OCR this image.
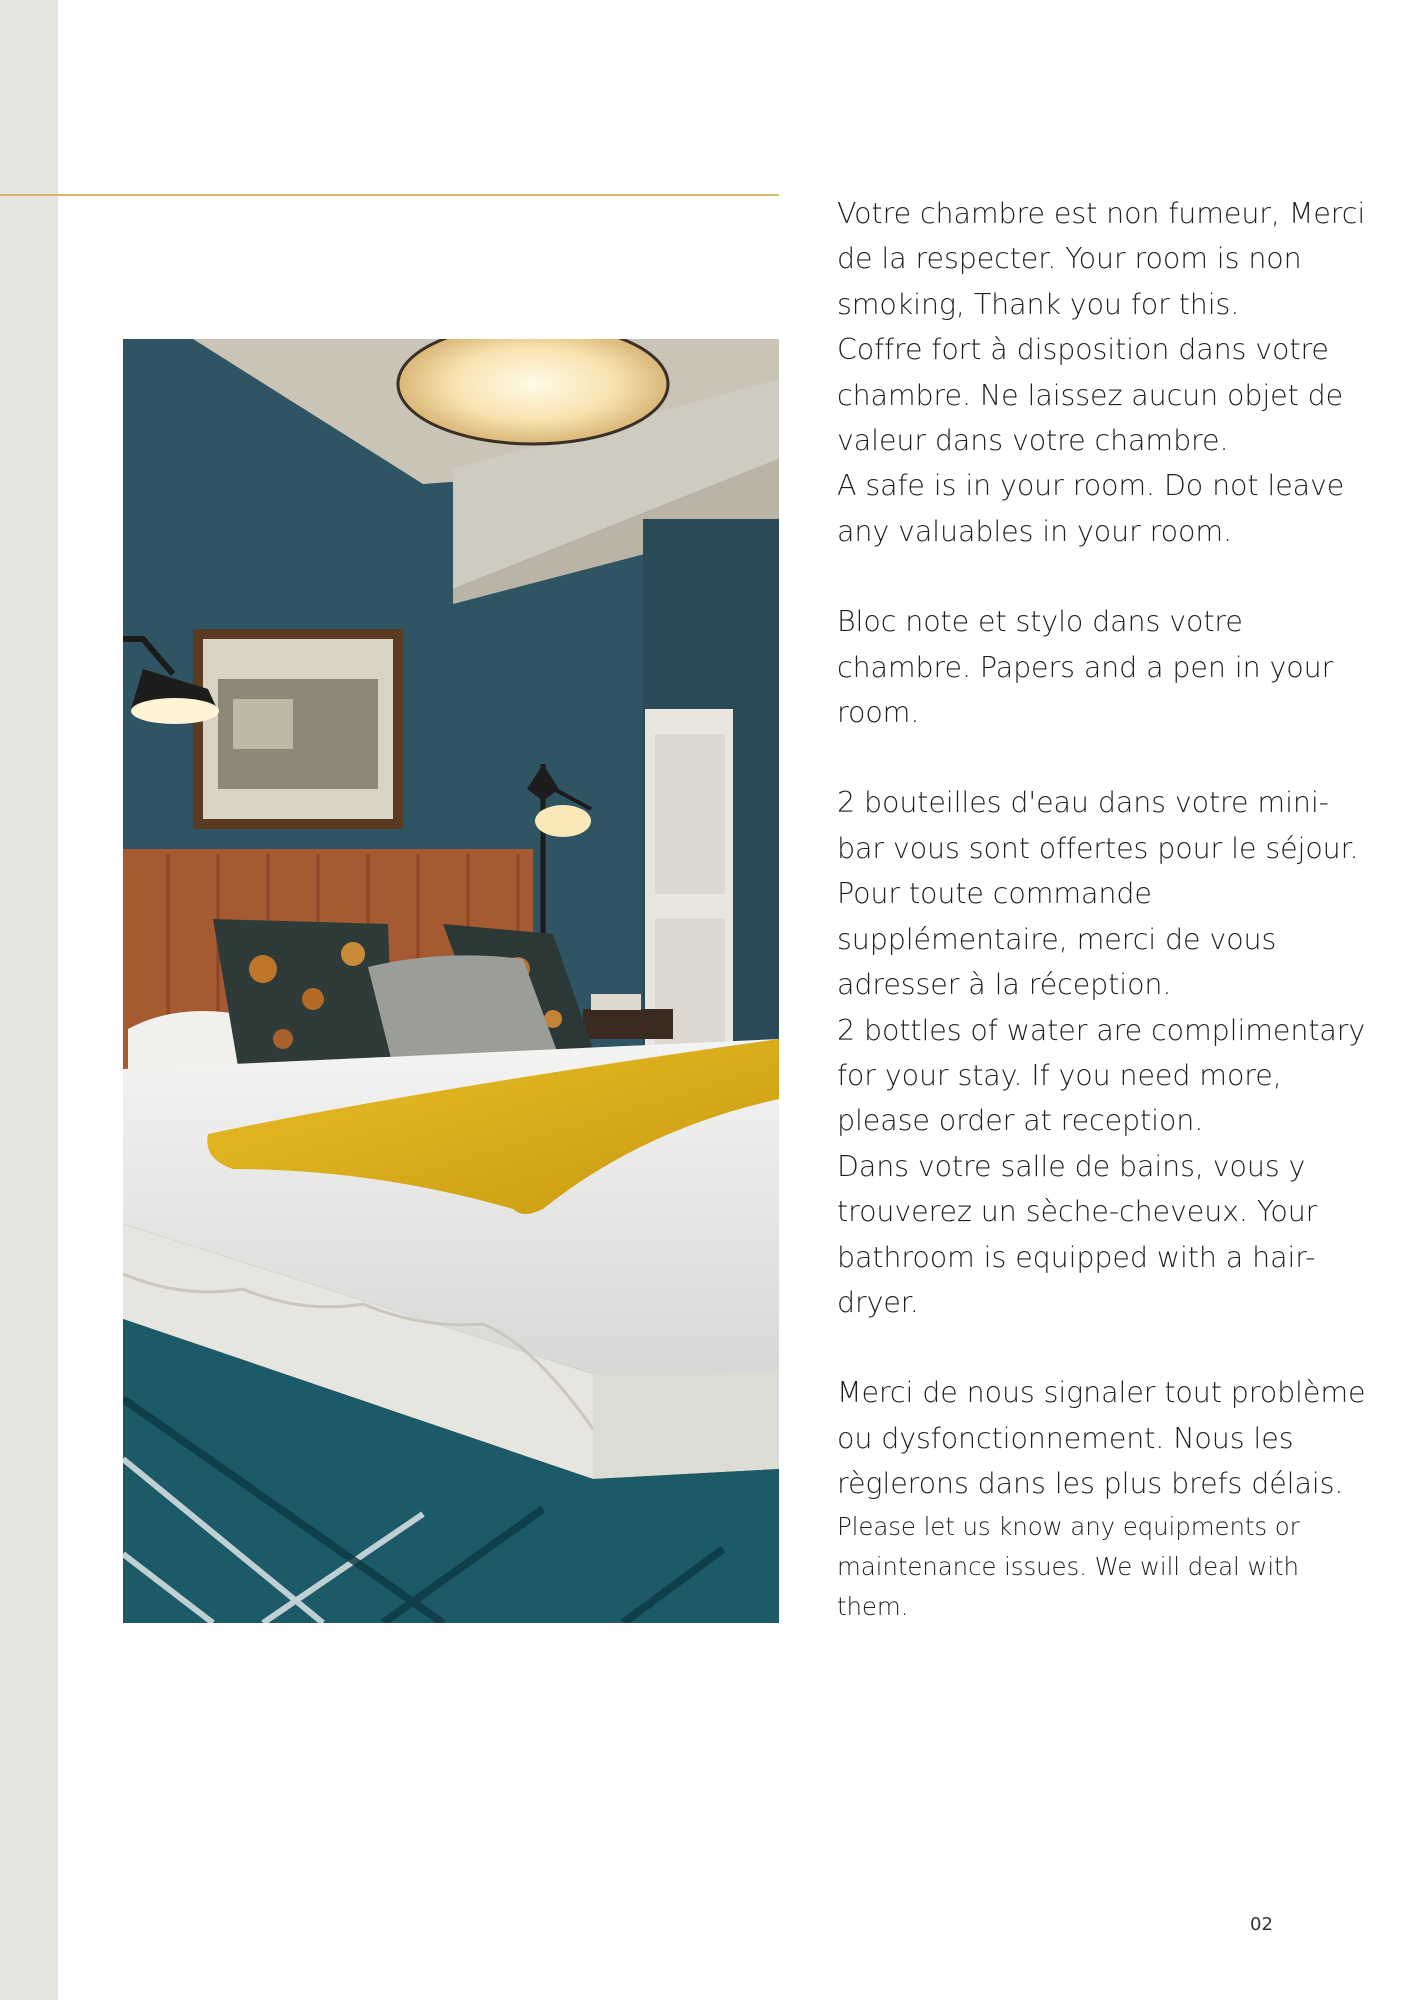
Votre chambre est non fumeur, Merci de la respecter. Your room is non smoking, Thank you for this.

Coffre fort à disposition dans votre chambre. Ne laissez aucun objet de valeur dans votre chambre.

A safe is in your room. Do not leave any valuables in your room.

Bloc note et stylo dans votre chambre. Papers and a pen in your room.

2 bouteilles d'eau dans votre mini-bar vous sont offertes pour le séjour. Pour toute commande supplémentaire, merci de vous adresser à la réception.

2 bottles of water are complimentary for your stay. If you need more, please order at reception.

Dans votre salle de bains, vous y trouverez un sèche-cheveux. Your bathroom is equipped with a hair-dryer.

Merci de nous signaler tout problème ou dysfonctionnement. Nous les règlerons dans les plus brefs délais.

Please let us know any equipments or maintenance issues. We will deal with them.

02
